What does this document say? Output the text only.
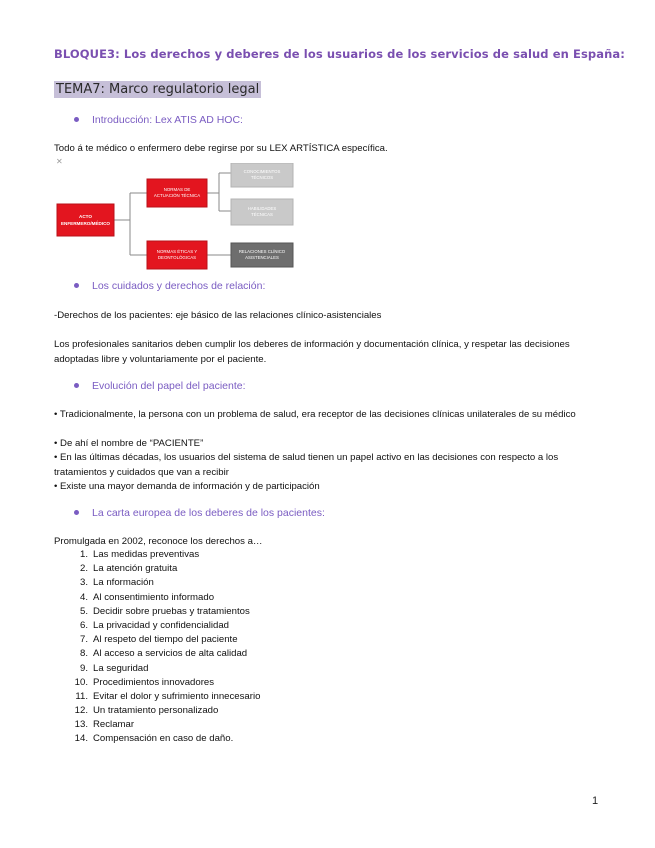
BLOQUE3: Los derechos y deberes de los usuarios de los servicios de salud en España:
TEMA7: Marco regulatorio legal
Introducción: Lex ATIS AD HOC:
Todo á te médico o enfermero debe regirse por su LEX ARTÍSTICA específica.
✕
ACTO
ENFERMERO/MÉDICO
NORMAS DE
ACTUACIÓN TÉCNICA
NORMAS ÉTICAS Y
DEONTOLÓGICAS
CONOCIMIENTOS
TÉCNICOS
HABILIDADES
TÉCNICAS
RELACIONES CLÍNICO
ASISTENCIALES
Los cuidados y derechos de relación:
-Derechos de los pacientes: eje básico de las relaciones clínico-asistenciales
Los profesionales sanitarios deben cumplir los deberes de información y documentación clínica, y respetar las decisiones adoptadas libre y voluntariamente por el paciente.
Evolución del papel del paciente:
• Tradicionalmente, la persona con un problema de salud, era receptor de las decisiones clínicas unilaterales de su médico
• De ahí el nombre de “PACIENTE”
• En las últimas décadas, los usuarios del sistema de salud tienen un papel activo en las decisiones con respecto a los tratamientos y cuidados que van a recibir
• Existe una mayor demanda de información y de participación
La carta europea de los deberes de los pacientes:
Promulgada en 2002, reconoce los derechos a…
1. Las medidas preventivas
2. La atención gratuita
3. La nformación
4. Al consentimiento informado
5. Decidir sobre pruebas y tratamientos
6. La privacidad y confidencialidad
7. Al respeto del tiempo del paciente
8. Al acceso a servicios de alta calidad
9. La seguridad
10. Procedimientos innovadores
11. Evitar el dolor y sufrimiento innecesario
12. Un tratamiento personalizado
13. Reclamar
14. Compensación en caso de daño.
1
